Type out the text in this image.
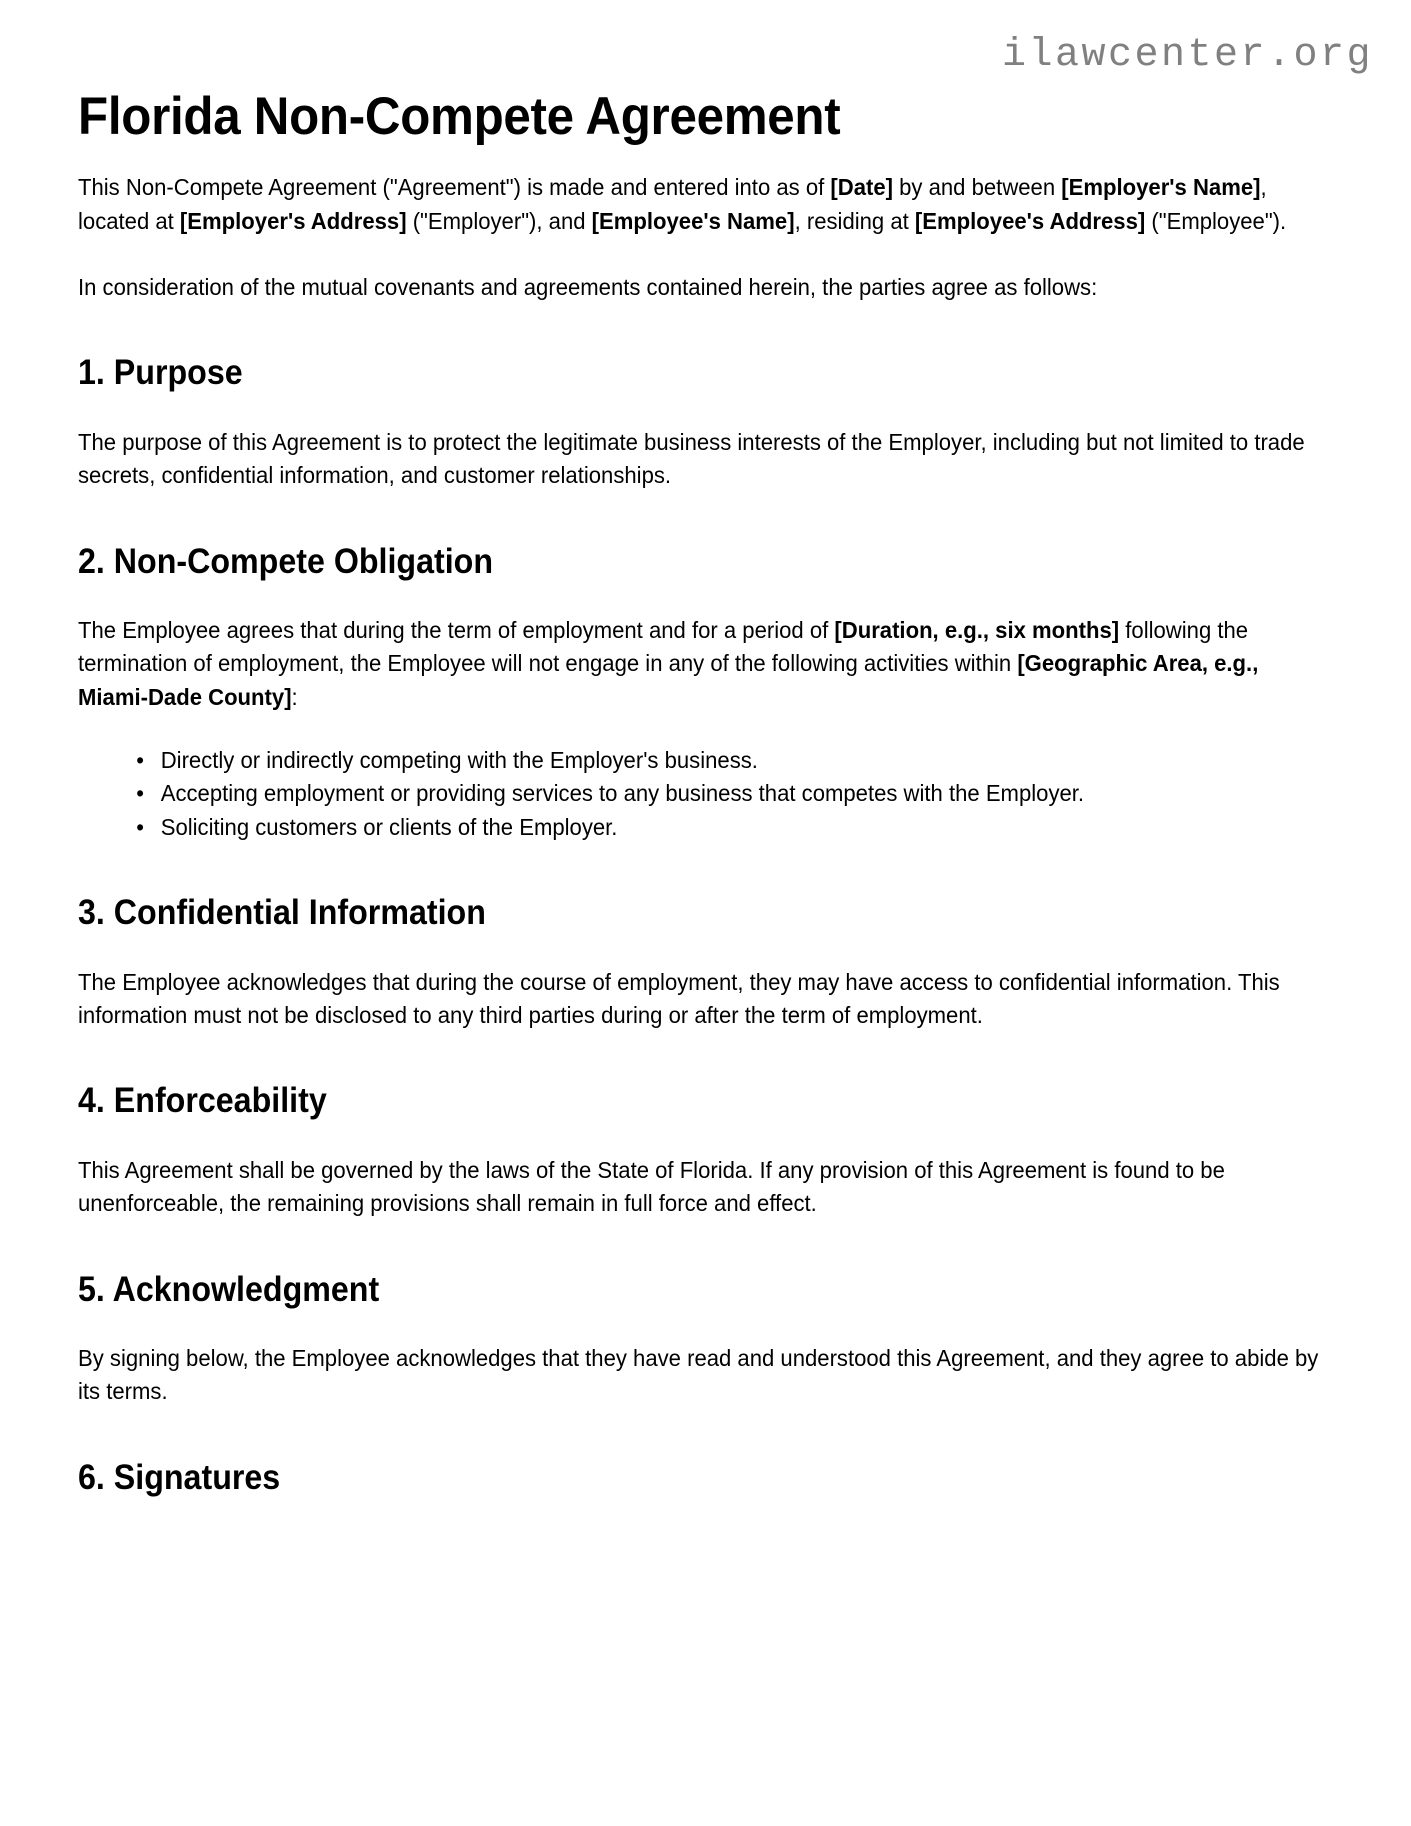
ilawcenter.org
Florida Non-Compete Agreement

This Non-Compete Agreement ("Agreement") is made and entered into as of [Date] by and between [Employer's Name], located at [Employer's Address] ("Employer"), and [Employee's Name], residing at [Employee's Address] ("Employee").

In consideration of the mutual covenants and agreements contained herein, the parties agree as follows:

1. Purpose

The purpose of this Agreement is to protect the legitimate business interests of the Employer, including but not limited to trade secrets, confidential information, and customer relationships.

2. Non-Compete Obligation

The Employee agrees that during the term of employment and for a period of [Duration, e.g., six months] following the termination of employment, the Employee will not engage in any of the following activities within [Geographic Area, e.g., Miami-Dade County]:

• Directly or indirectly competing with the Employer's business.
• Accepting employment or providing services to any business that competes with the Employer.
• Soliciting customers or clients of the Employer.
3. Confidential Information

The Employee acknowledges that during the course of employment, they may have access to confidential information. This information must not be disclosed to any third parties during or after the term of employment.

4. Enforceability

This Agreement shall be governed by the laws of the State of Florida. If any provision of this Agreement is found to be unenforceable, the remaining provisions shall remain in full force and effect.

5. Acknowledgment

By signing below, the Employee acknowledges that they have read and understood this Agreement, and they agree to abide by its terms.

6. Signatures
